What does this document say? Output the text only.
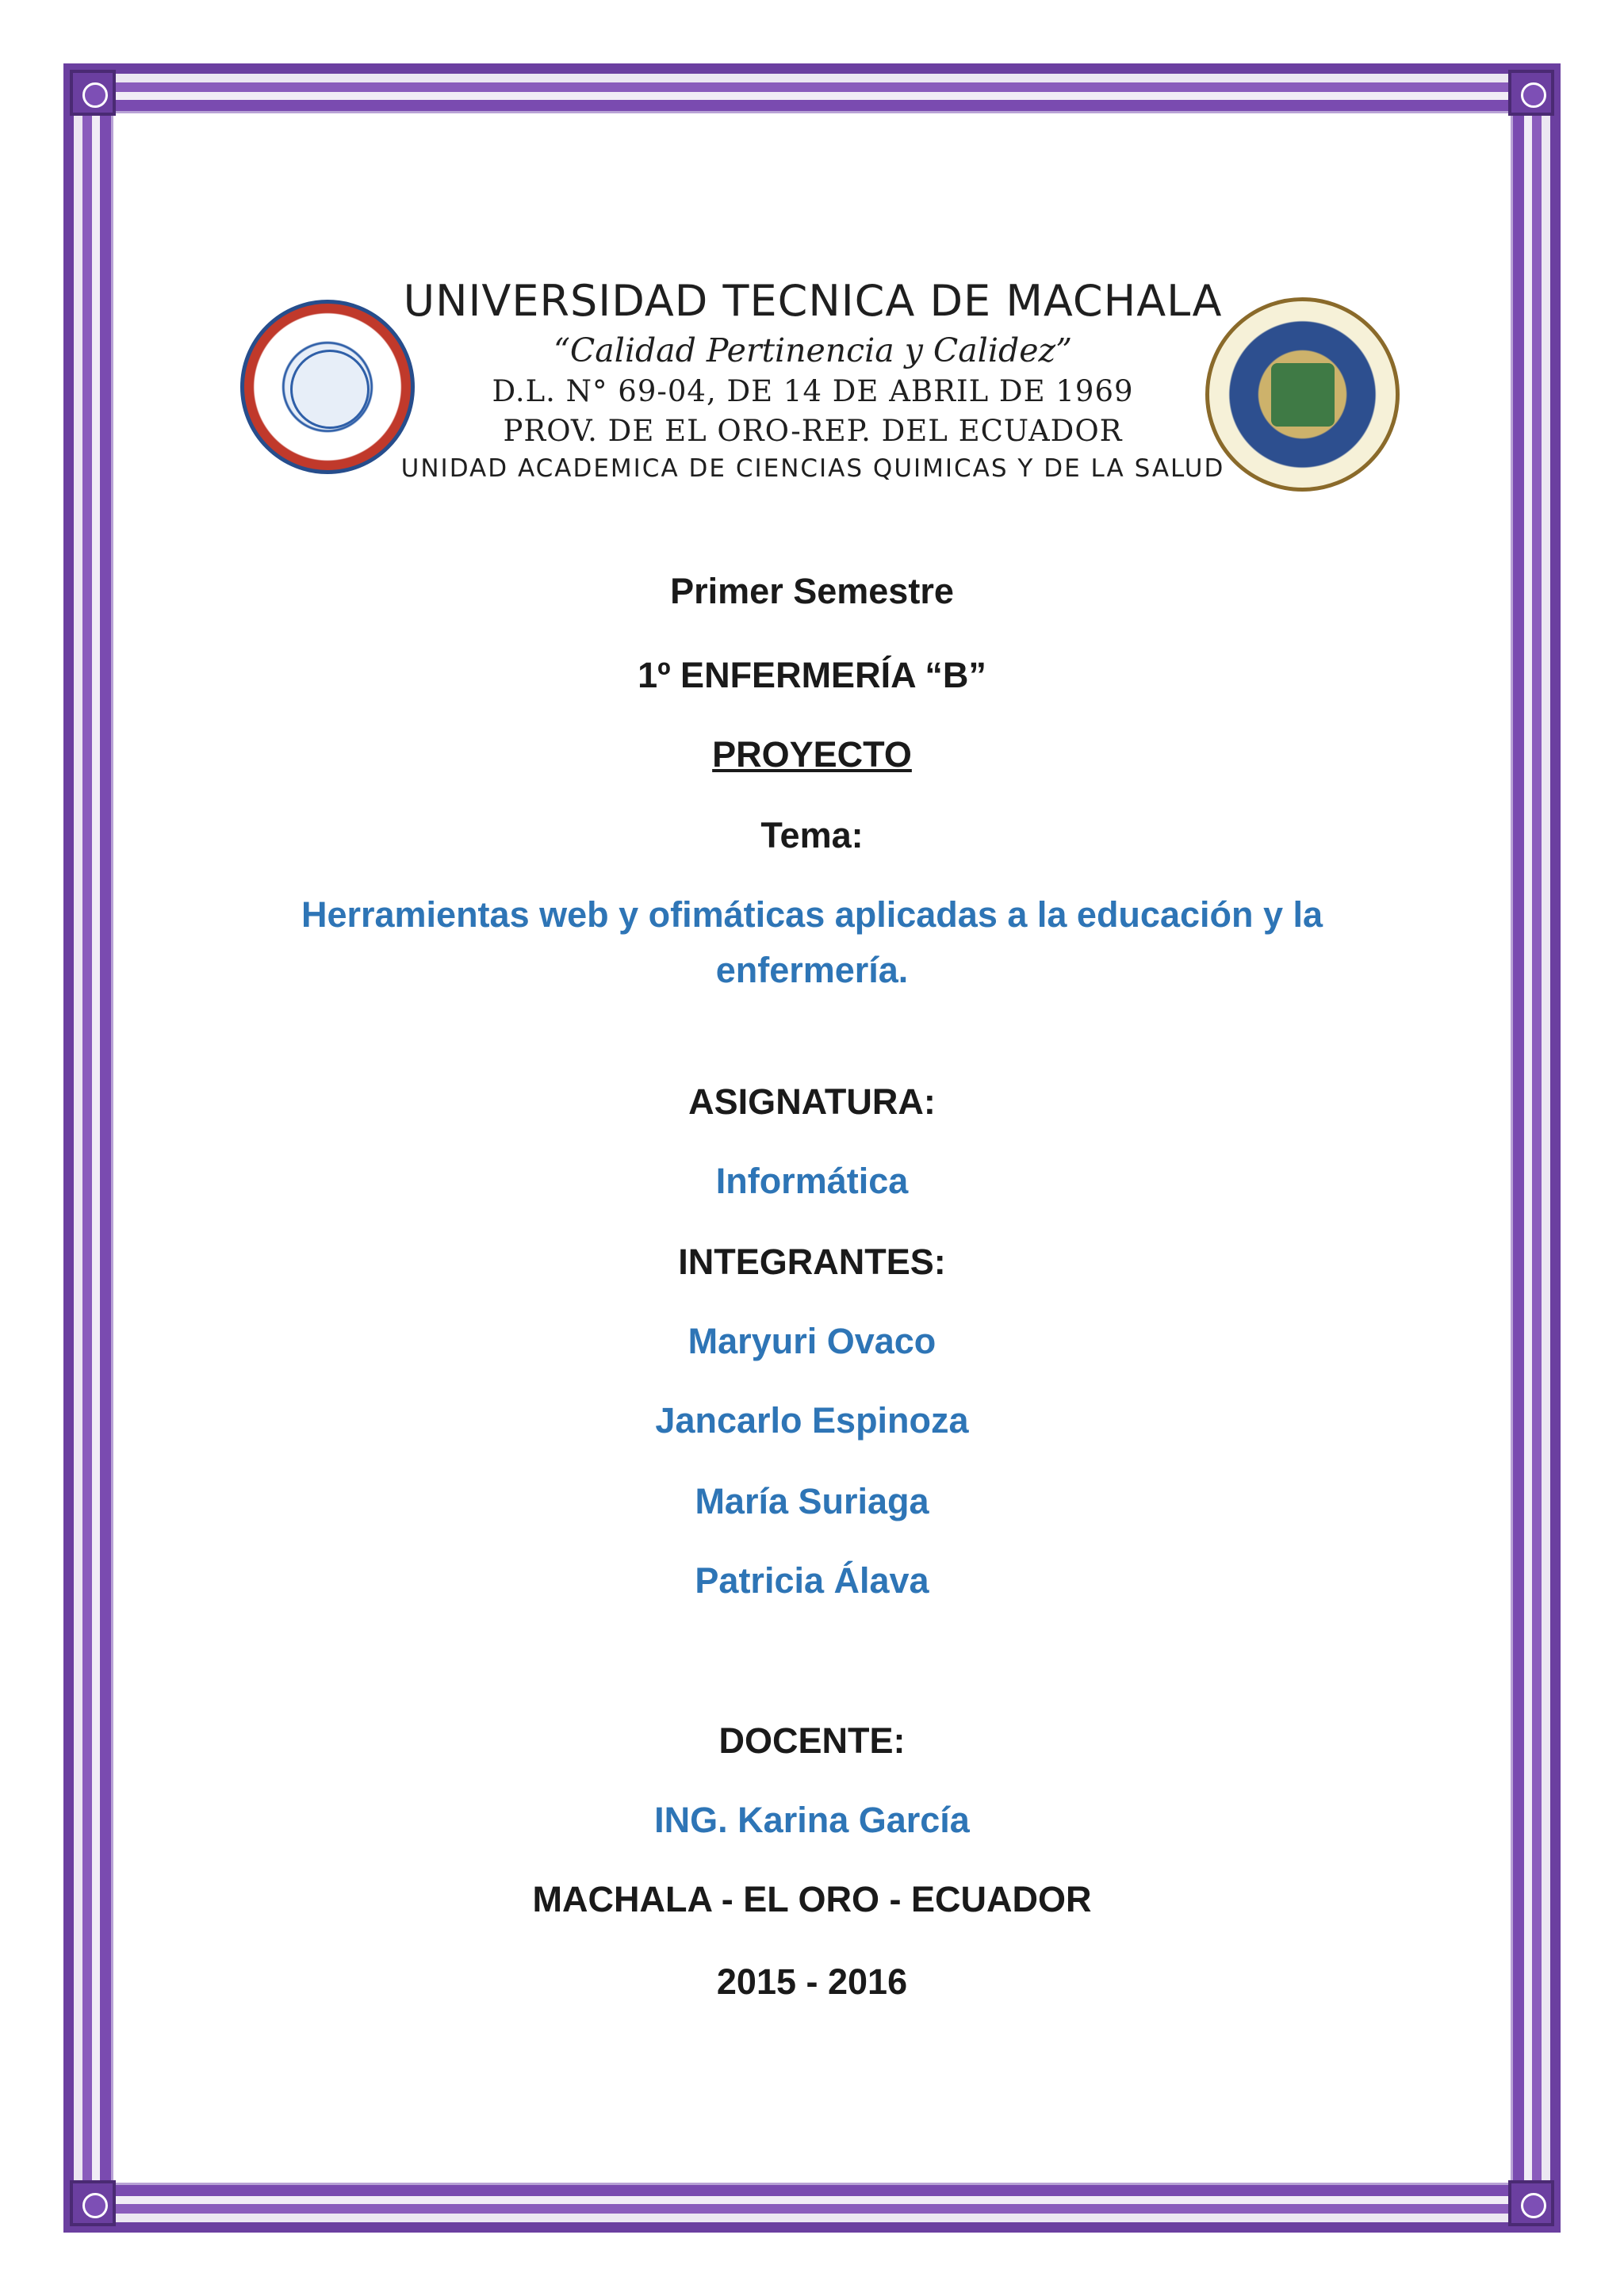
UNIVERSIDAD TECNICA DE MACHALA
“Calidad Pertinencia y Calidez”
D.L. N° 69-04, DE 14 DE ABRIL DE 1969
PROV. DE EL ORO-REP. DEL ECUADOR
UNIDAD ACADEMICA DE CIENCIAS QUIMICAS Y DE LA SALUD
Primer Semestre
1º ENFERMERÍA “B”
PROYECTO
Tema:
Herramientas web y ofimáticas aplicadas a la educación y la
enfermería.
ASIGNATURA:
Informática
INTEGRANTES:
Maryuri Ovaco
Jancarlo Espinoza
María Suriaga
Patricia Álava
DOCENTE:
ING. Karina García
MACHALA - EL ORO - ECUADOR
2015 - 2016
